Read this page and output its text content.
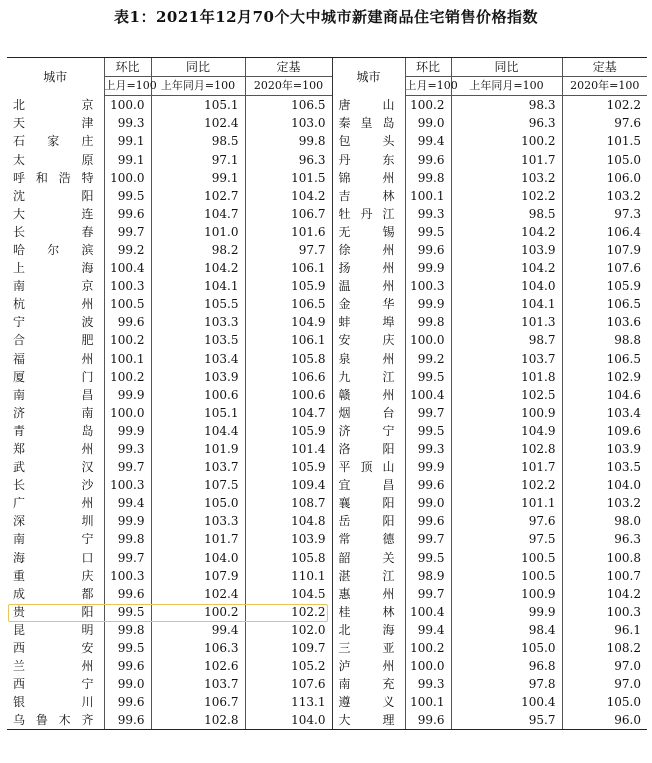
表1：2021年12月70个大中城市新建商品住宅销售价格指数
城市	环比	同比	定基	城市	环比	同比	定基
	上月=100	上年同月=100	2020年=100		上月=100	上年同月=100	2020年=100
北京	100.0	105.1	106.5	唐山	100.2	98.3	102.2
天津	99.3	102.4	103.0	秦皇岛	99.0	96.3	97.6
石家庄	99.1	98.5	99.8	包头	99.4	100.2	101.5
太原	99.1	97.1	96.3	丹东	99.6	101.7	105.0
呼和浩特	100.0	99.1	101.5	锦州	99.8	103.2	106.0
沈阳	99.5	102.7	104.2	吉林	100.1	102.2	103.2
大连	99.6	104.7	106.7	牡丹江	99.3	98.5	97.3
长春	99.7	101.0	101.6	无锡	99.5	104.2	106.4
哈尔滨	99.2	98.2	97.7	徐州	99.6	103.9	107.9
上海	100.4	104.2	106.1	扬州	99.9	104.2	107.6
南京	100.3	104.1	105.9	温州	100.3	104.0	105.9
杭州	100.5	105.5	106.5	金华	99.9	104.1	106.5
宁波	99.6	103.3	104.9	蚌埠	99.8	101.3	103.6
合肥	100.2	103.5	106.1	安庆	100.0	98.7	98.8
福州	100.1	103.4	105.8	泉州	99.2	103.7	106.5
厦门	100.2	103.9	106.6	九江	99.5	101.8	102.9
南昌	99.9	100.6	100.6	赣州	100.4	102.5	104.6
济南	100.0	105.1	104.7	烟台	99.7	100.9	103.4
青岛	99.9	104.4	105.9	济宁	99.5	104.9	109.6
郑州	99.3	101.9	101.4	洛阳	99.3	102.8	103.9
武汉	99.7	103.7	105.9	平顶山	99.9	101.7	103.5
长沙	100.3	107.5	109.4	宜昌	99.6	102.2	104.0
广州	99.4	105.0	108.7	襄阳	99.0	101.1	103.2
深圳	99.9	103.3	104.8	岳阳	99.6	97.6	98.0
南宁	99.8	101.7	103.9	常德	99.7	97.5	96.3
海口	99.7	104.0	105.8	韶关	99.5	100.5	100.8
重庆	100.3	107.9	110.1	湛江	98.9	100.5	100.7
成都	99.6	102.4	104.5	惠州	99.7	100.9	104.2
贵阳	99.5	100.2	102.2	桂林	100.4	99.9	100.3
昆明	99.8	99.4	102.0	北海	99.4	98.4	96.1
西安	99.5	106.3	109.7	三亚	100.2	105.0	108.2
兰州	99.6	102.6	105.2	泸州	100.0	96.8	97.0
西宁	99.0	103.7	107.6	南充	99.3	97.8	97.0
银川	99.6	106.7	113.1	遵义	100.1	100.4	105.0
乌鲁木齐	99.6	102.8	104.0	大理	99.6	95.7	96.0
